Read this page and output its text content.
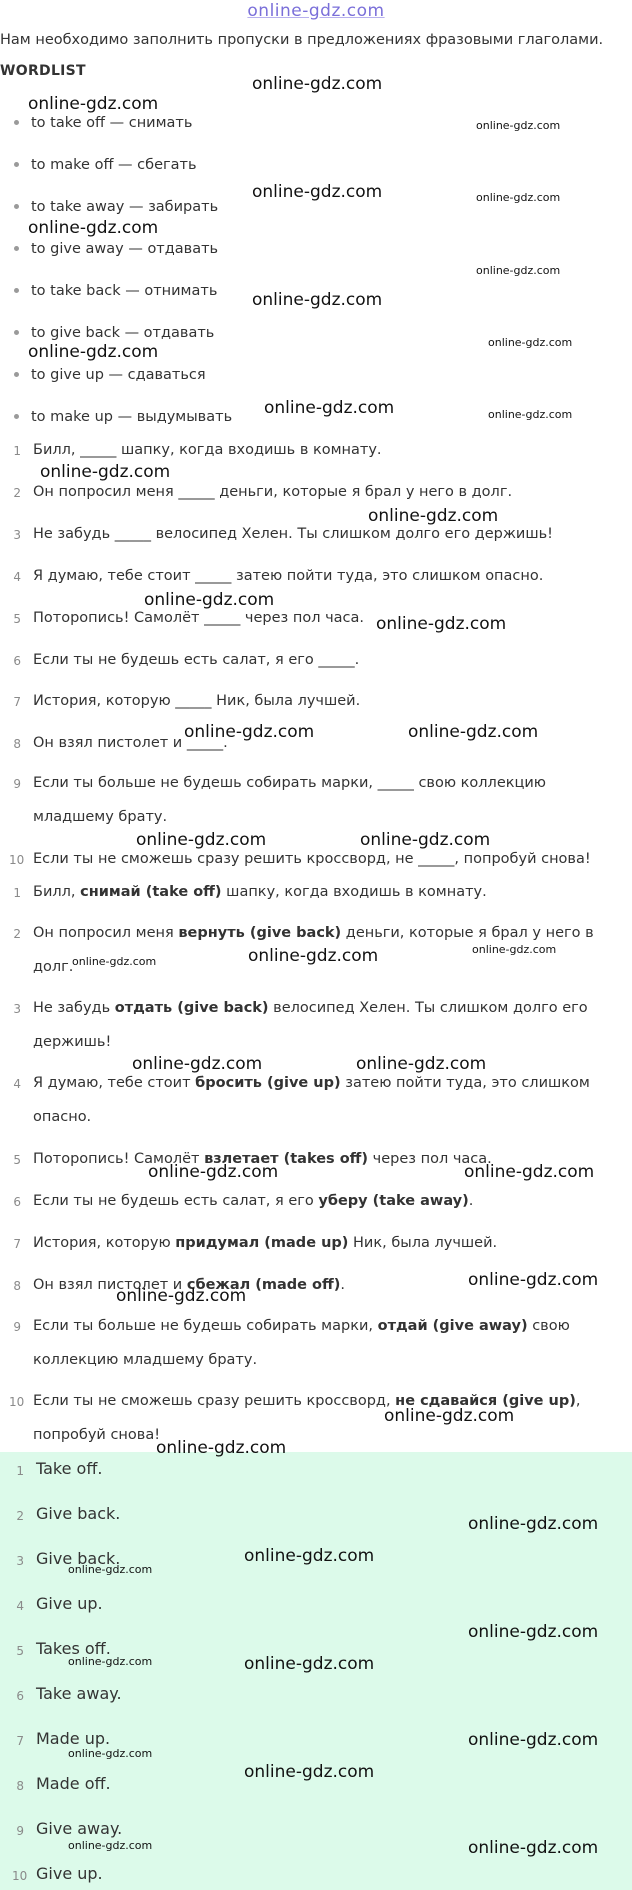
online-gdz.com
Нам необходимо заполнить пропуски в предложениях фразовыми глаголами.
WORDLIST
to take off — снимать
to make off — сбегать
to take away — забирать
to give away — отдавать
to take back — отнимать
to give back — отдавать
to give up — сдаваться
to make up — выдумывать
1 Билл, _____ шапку, когда входишь в комнату.
2 Он попросил меня _____ деньги, которые я брал у него в долг.
3 Не забудь _____ велосипед Хелен. Ты слишком долго его держишь!
4 Я думаю, тебе стоит _____ затею пойти туда, это слишком опасно.
5 Поторопись! Самолёт _____ через пол часа.
6 Если ты не будешь есть салат, я его _____.
7 История, которую _____ Ник, была лучшей.
8 Он взял пистолет и _____.
9 Если ты больше не будешь собирать марки, _____ свою коллекцию младшему брату.
10 Если ты не сможешь сразу решить кроссворд, не _____, попробуй снова!
1 Билл, снимай (take off) шапку, когда входишь в комнату.
2 Он попросил меня вернуть (give back) деньги, которые я брал у него в долг.
3 Не забудь отдать (give back) велосипед Хелен. Ты слишком долго его держишь!
4 Я думаю, тебе стоит бросить (give up) затею пойти туда, это слишком опасно.
5 Поторопись! Самолёт взлетает (takes off) через пол часа.
6 Если ты не будешь есть салат, я его уберу (take away).
7 История, которую придумал (made up) Ник, была лучшей.
8 Он взял пистолет и сбежал (made off).
9 Если ты больше не будешь собирать марки, отдай (give away) свою коллекцию младшему брату.
10 Если ты не сможешь сразу решить кроссворд, не сдавайся (give up), попробуй снова!
1 Take off.
2 Give back.
3 Give back.
4 Give up.
5 Takes off.
6 Take away.
7 Made up.
8 Made off.
9 Give away.
10 Give up.
online-gdz.com
online-gdz.com
online-gdz.com
online-gdz.com	online-gdz.com
online-gdz.com
online-gdz.com
online-gdz.com
online-gdz.com
online-gdz.com
online-gdz.com	online-gdz.com
online-gdz.com
online-gdz.com
online-gdz.com
online-gdz.com
online-gdz.com	online-gdz.com
online-gdz.com	online-gdz.com
online-gdz.com
online-gdz.com
online-gdz.com
online-gdz.com	online-gdz.com
online-gdz.com	online-gdz.com
online-gdz.com
online-gdz.com
online-gdz.com
online-gdz.com
online-gdz.com
online-gdz.com
online-gdz.com
online-gdz.com
online-gdz.com
online-gdz.com
online-gdz.com
online-gdz.com
online-gdz.com
online-gdz.com
online-gdz.com
